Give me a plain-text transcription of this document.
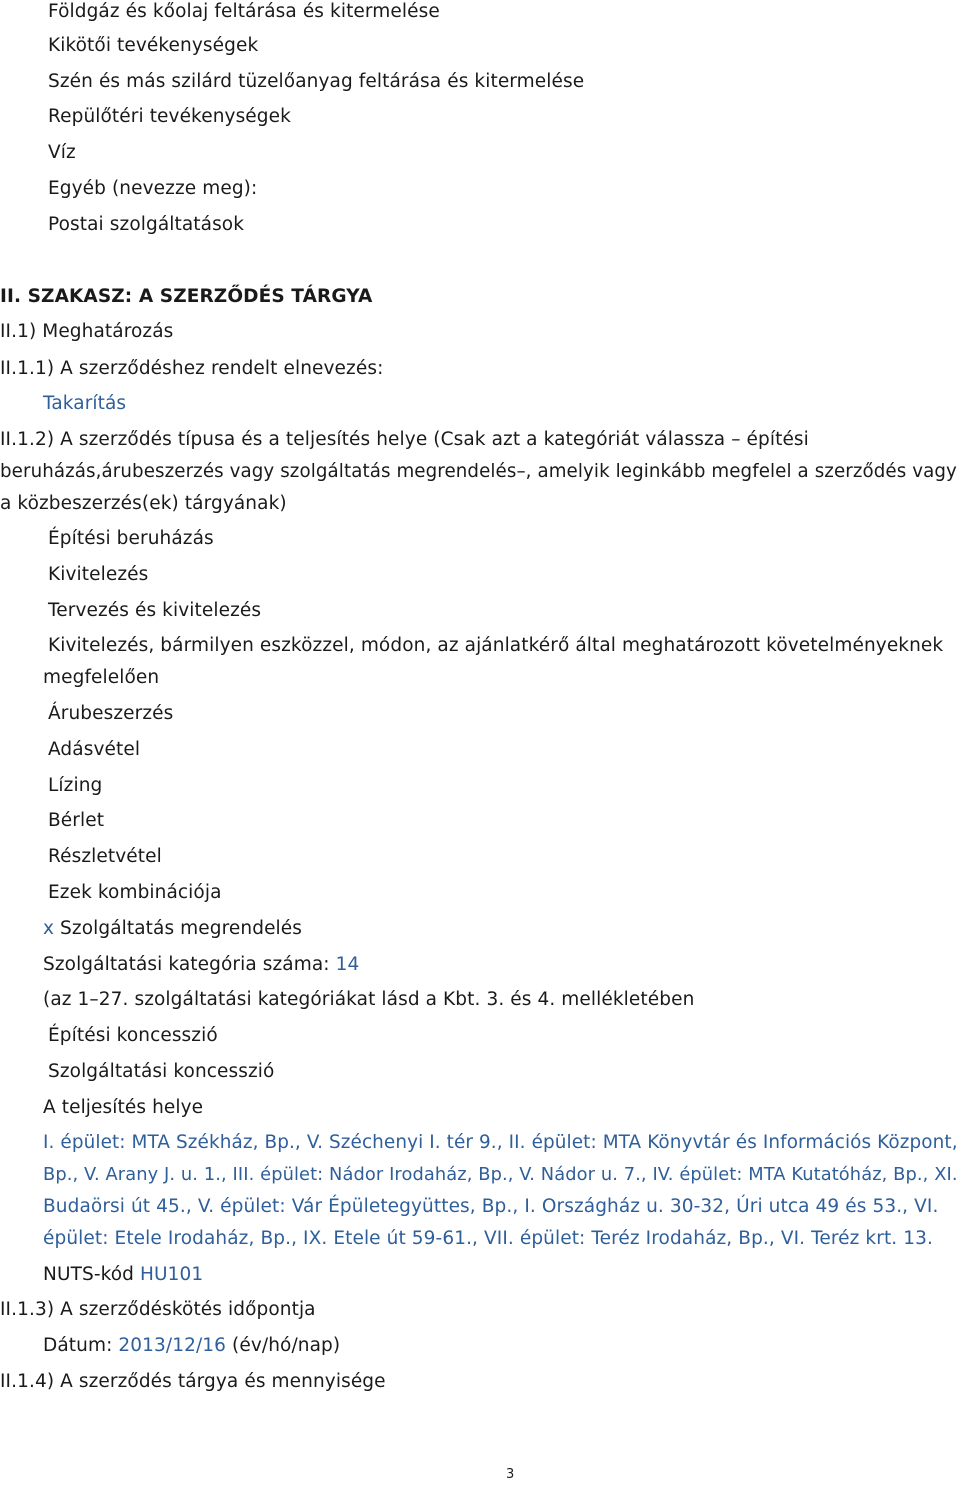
Földgáz és kőolaj feltárása és kitermelése
Kikötői tevékenységek
Szén és más szilárd tüzelőanyag feltárása és kitermelése
Repülőtéri tevékenységek
Víz
Egyéb (nevezze meg):
Postai szolgáltatások
II. SZAKASZ: A SZERZŐDÉS TÁRGYA
II.1) Meghatározás
II.1.1) A szerződéshez rendelt elnevezés:
Takarítás
II.1.2) A szerződés típusa és a teljesítés helye (Csak azt a kategóriát válassza – építési
beruházás,árubeszerzés vagy szolgáltatás megrendelés–, amelyik leginkább megfelel a szerződés vagy
a közbeszerzés(ek) tárgyának)
Építési beruházás
Kivitelezés
Tervezés és kivitelezés
Kivitelezés, bármilyen eszközzel, módon, az ajánlatkérő által meghatározott követelményeknek
megfelelően
Árubeszerzés
Adásvétel
Lízing
Bérlet
Részletvétel
Ezek kombinációja
x Szolgáltatás megrendelés
Szolgáltatási kategória száma: 14
(az 1–27. szolgáltatási kategóriákat lásd a Kbt. 3. és 4. mellékletében
Építési koncesszió
Szolgáltatási koncesszió
A teljesítés helye
I. épület: MTA Székház, Bp., V. Széchenyi I. tér 9., II. épület: MTA Könyvtár és Információs Központ,
Bp., V. Arany J. u. 1., III. épület: Nádor Irodaház, Bp., V. Nádor u. 7., IV. épület: MTA Kutatóház, Bp., XI.
Budaörsi út 45., V. épület: Vár Épületegyüttes, Bp., I. Országház u. 30-32, Úri utca 49 és 53., VI.
épület: Etele Irodaház, Bp., IX. Etele út 59-61., VII. épület: Teréz Irodaház, Bp., VI. Teréz krt. 13.
NUTS-kód HU101
II.1.3) A szerződéskötés időpontja
Dátum: 2013/12/16 (év/hó/nap)
II.1.4) A szerződés tárgya és mennyisége
3
